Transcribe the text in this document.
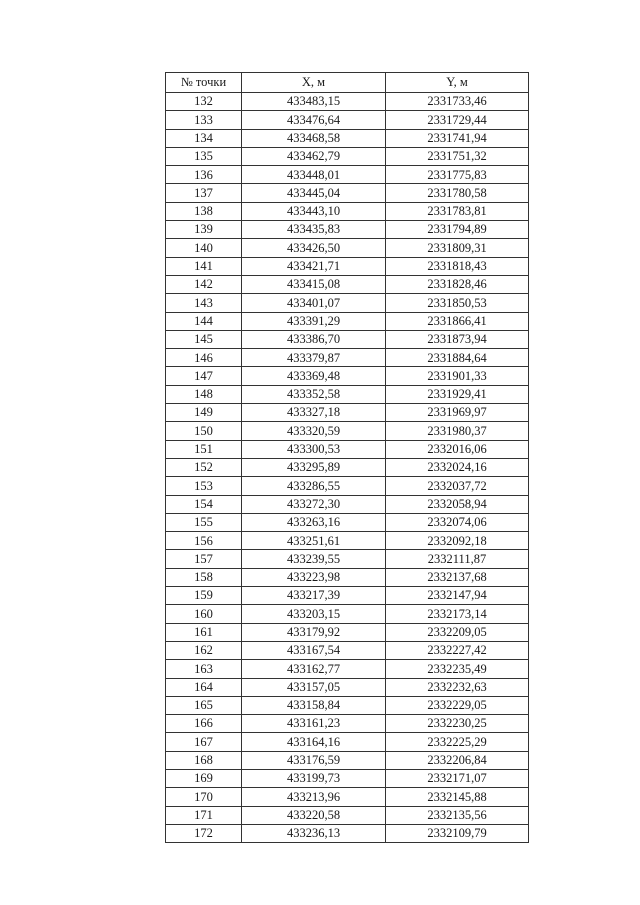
№ точки	X, м	Y, м
132	433483,15	2331733,46
133	433476,64	2331729,44
134	433468,58	2331741,94
135	433462,79	2331751,32
136	433448,01	2331775,83
137	433445,04	2331780,58
138	433443,10	2331783,81
139	433435,83	2331794,89
140	433426,50	2331809,31
141	433421,71	2331818,43
142	433415,08	2331828,46
143	433401,07	2331850,53
144	433391,29	2331866,41
145	433386,70	2331873,94
146	433379,87	2331884,64
147	433369,48	2331901,33
148	433352,58	2331929,41
149	433327,18	2331969,97
150	433320,59	2331980,37
151	433300,53	2332016,06
152	433295,89	2332024,16
153	433286,55	2332037,72
154	433272,30	2332058,94
155	433263,16	2332074,06
156	433251,61	2332092,18
157	433239,55	2332111,87
158	433223,98	2332137,68
159	433217,39	2332147,94
160	433203,15	2332173,14
161	433179,92	2332209,05
162	433167,54	2332227,42
163	433162,77	2332235,49
164	433157,05	2332232,63
165	433158,84	2332229,05
166	433161,23	2332230,25
167	433164,16	2332225,29
168	433176,59	2332206,84
169	433199,73	2332171,07
170	433213,96	2332145,88
171	433220,58	2332135,56
172	433236,13	2332109,79
